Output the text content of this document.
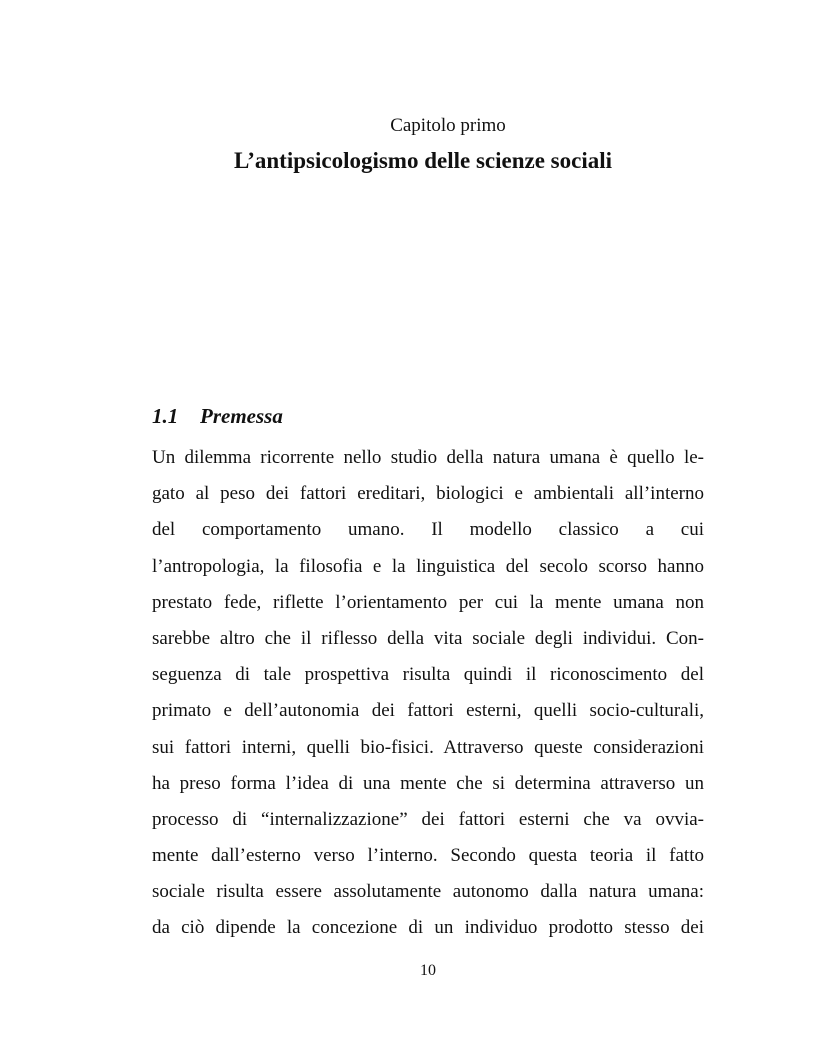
Capitolo primo

L’antipsicologismo delle scienze sociali
1.1 Premessa
Un dilemma ricorrente nello studio della natura umana è quello le-
gato al peso dei fattori ereditari, biologici e ambientali all’interno
del comportamento umano. Il modello classico a cui
l’antropologia, la filosofia e la linguistica del secolo scorso hanno
prestato fede, riflette l’orientamento per cui la mente umana non
sarebbe altro che il riflesso della vita sociale degli individui. Con-
seguenza di tale prospettiva risulta quindi il riconoscimento del
primato e dell’autonomia dei fattori esterni, quelli socio-culturali,
sui fattori interni, quelli bio-fisici. Attraverso queste considerazioni
ha preso forma l’idea di una mente che si determina attraverso un
processo di “internalizzazione” dei fattori esterni che va ovvia-
mente dall’esterno verso l’interno. Secondo questa teoria il fatto
sociale risulta essere assolutamente autonomo dalla natura umana:
da ciò dipende la concezione di un individuo prodotto stesso dei

10
